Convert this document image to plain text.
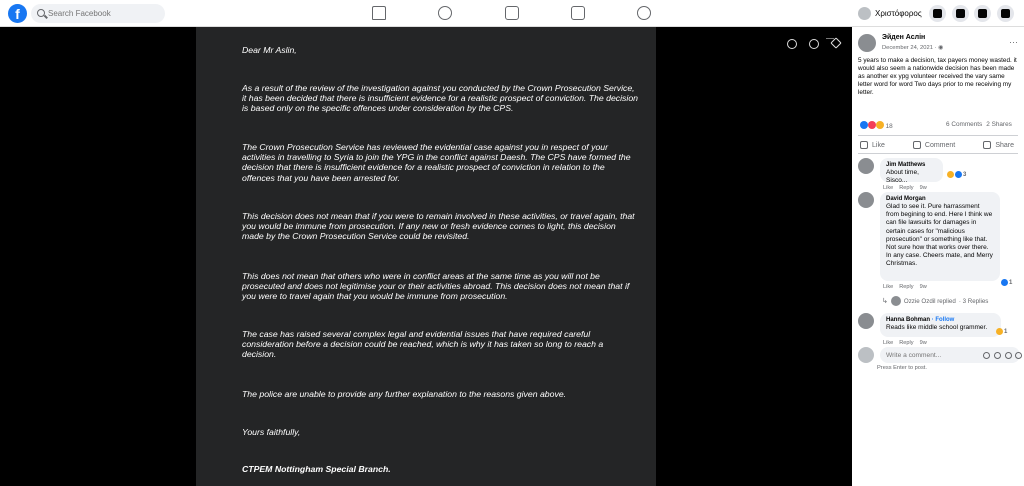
f
Search Facebook	Χριστόφορος

Dear Mr Aslin,

As a result of the review of the investigation against you conducted by the Crown Prosecution Service, it has been decided that there is insufficient evidence for a realistic prospect of conviction. The decision is based only on the specific offences under consideration by the CPS.

The Crown Prosecution Service has reviewed the evidential case against you in respect of your activities in travelling to Syria to join the YPG in the conflict against Daesh. The CPS have formed the decision that there is insufficient evidence for a realistic prospect of conviction in relation to the offences that you have been arrested for.

This decision does not mean that if you were to remain involved in these activities, or travel again, that you would be immune from prosecution. If any new or fresh evidence comes to light, this decision made by the Crown Prosecution Service could be revisited.

This does not mean that others who were in conflict areas at the same time as you will not be prosecuted and does not legitimise your or their activities abroad. This decision does not mean that if you were to travel again that you would be immune from prosecution.

The case has raised several complex legal and evidential issues that have required careful consideration before a decision could be reached, which is why it has taken so long to reach a decision.

The police are unable to provide any further explanation to the reasons given above.

Yours faithfully,

CTPEM Nottingham Special Branch.

Эйден Аслін
December 24, 2021 · ◉
···
5 years to make a decision, tax payers money wasted. it would also seem a nationwide decision has been made as another ex ypg volunteer received the vary same letter word for word Two days prior to me receiving my letter.

18	6 Comments 2 Shares
Like	Comment	Share
Jim Matthews
About time, Sisco...
3
Like Reply 9w
David Morgan
Glad to see it. Pure harrassment from begining to end. Here I think we can file lawsuits for damages in certain cases for "malicious prosecution" or something like that. Not sure how that works over there. In any case. Cheers mate, and Merry Christmas.
1
Like Reply 9w
↳	Ozzie Ozdil replied · 3 Replies
Hanna Bohman · Follow
Reads like middle school grammer.
1
Like Reply 9w
Write a comment...
Press Enter to post.
